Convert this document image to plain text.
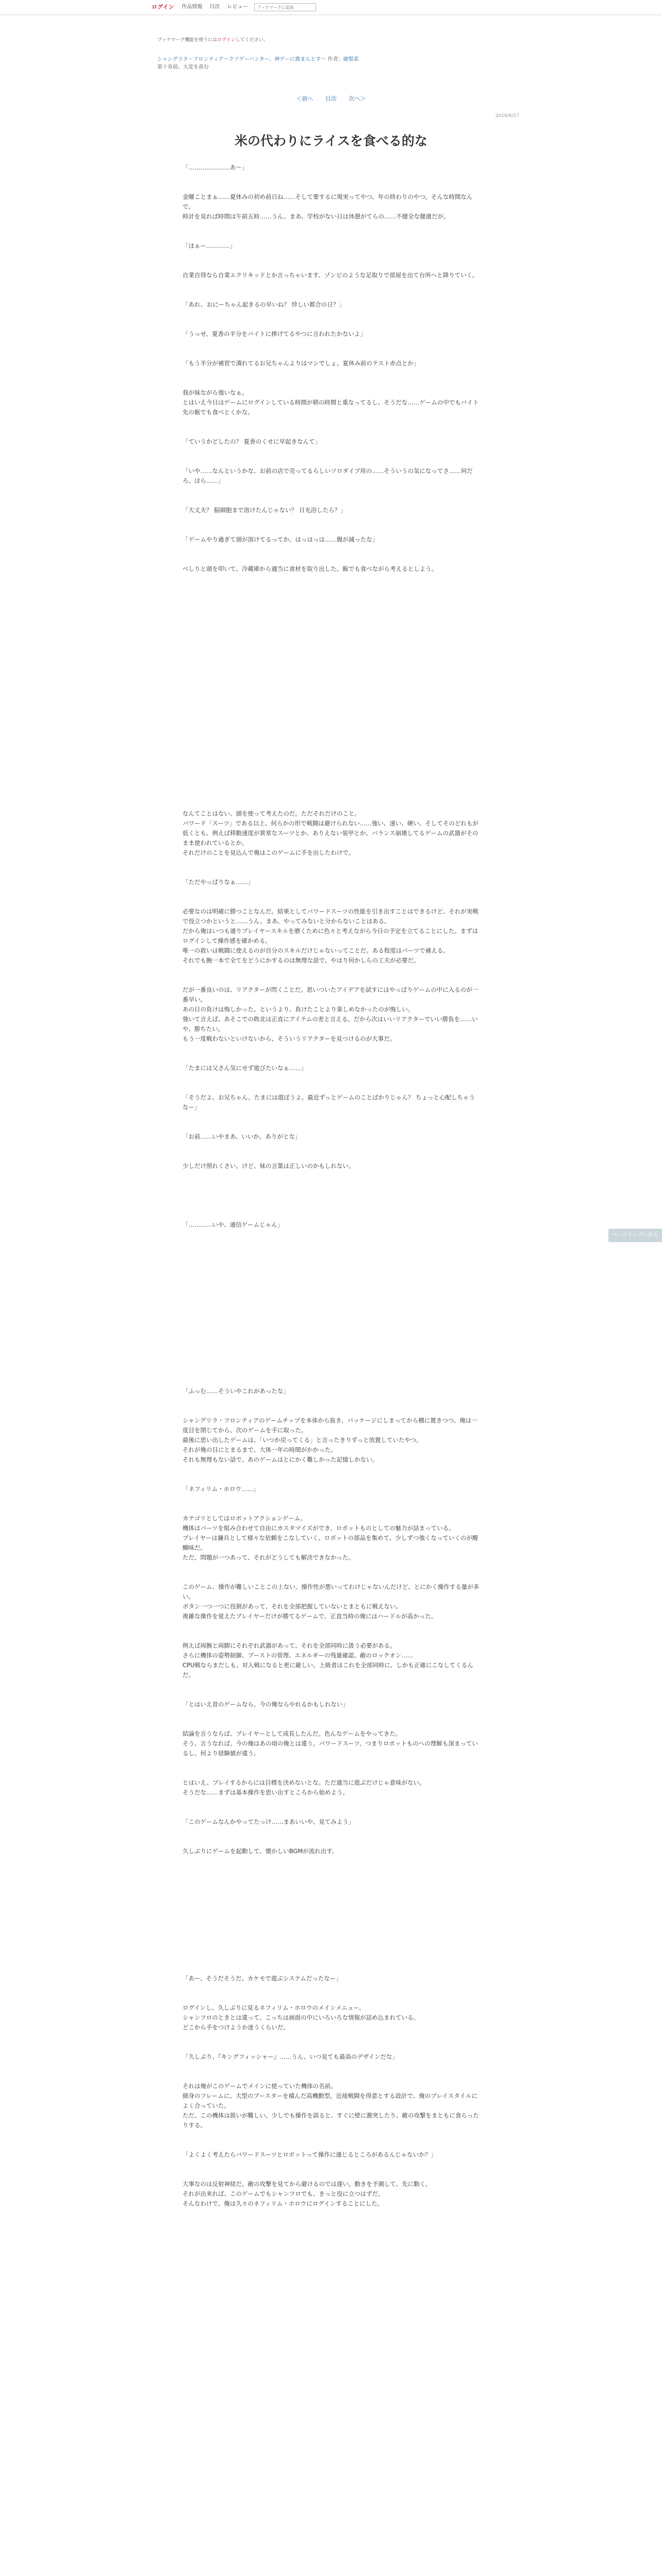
ログイン	作品情報	目次	レビュー
ブックマークに追加
ブックマーク機能を使うにはログインしてください。
シャングリラ・フロンティア〜クソゲーハンター、神ゲーに挑まんとす〜 作者：硬梨菜
第十章前、大変を羨む
＜前へ 目次 次へ＞
2018/6/27
米の代わりにライスを食べる的な

「…………………あ〜」

金曜ことまぁ……夏休みの初め前日ね……そして要するに現実ってやつ、年の終わりのやつ。そんな時間なんで。

時計を見れば時間は午前五時……うん、まあ、学校がない日は休憩がてらの……不健全な健康だが。

「ほぁー…………」

自業自得なら自業エクリキッドとか言っちゃいます、ゾンビのような足取りで部屋を出て台所へと降りていく。

「あれ、おにーちゃん起きるの早いね？ 珍しい都合の日？」

「うっせ、夏香の半分をバイトに捧げてるやつに言われたかないよ」

「もう半分が補習で潰れてるお兄ちゃんよりはマシでしょ。夏休み前のテスト赤点とか」

我が妹ながら強いなぁ。

とはいえ今日はゲームにログインしている時間が朝の時間と重なってるし、そうだな……ゲームの中でもバイト先の飯でも食べとくかな。

「ていうかどしたの？ 夏香のくせに早起きなんて」

「いや……なんというかな、お前の店で売ってるらしいソロダイブ用の……そういうの気になってさ……何だろ、ほら……」

「大丈夫？ 脳細胞まで溶けたんじゃない？ 日光浴したら？」

「ゲームやり過ぎて頭が溶けてるってか。はっはっは……腹が減ったな」

べしりと頭を叩いて、冷蔵庫から適当に食材を取り出した。飯でも食べながら考えるとしよう。

なんてことはない、頭を使って考えたのだ。ただそれだけのこと。

パワード「スーツ」である以上、何らかの形で戦闘は避けられない……強い、速い、硬い、そしてそのどれもが低くとも、例えば移動速度が異常なスーツとか、ありえない装甲とか、バランス崩壊してるゲームの武器がそのまま使われているとか。

それだけのことを見込んで俺はこのゲームに手を出したわけで。

「ただやっぱりなぁ……」

必要なのは明確に勝つことなんだ。結果としてパワードスーツの性能を引き出すことはできるけど、それが実戦で役立つかというと……うん、まあ、やってみないと分からないことはある。

だから俺はいつも通りプレイヤースキルを磨くために色々と考えながら今日の予定を立てることにした。まずはログインして操作感を確かめる。

唯一の救いは戦闘に使えるのが自分のスキルだけじゃないってことだ。ある程度はパーツで補える。

それでも腕一本で全てをどうにかするのは無理な話で、やはり何かしらの工夫が必要だ。

だが一番良いのは、リアクターが閃くことだ。思いついたアイデアを試すにはやっぱりゲームの中に入るのが一番早い。

あの日の負けは悔しかった。というより、負けたことより楽しめなかったのが悔しい。

強いて言えば、あそこでの敗北は正直にアイテムの差と言える。だから次はいいリアクターでいい勝負を……いや、勝ちたい。

もう一度戦わないといけないから、そういうリアクターを見つけるのが大事だ。

「たまには父さん気にせず遊びたいなぁ……」

「そうだよ、お兄ちゃん。たまには遊ぼうよ。最近ずっとゲームのことばかりじゃん？ ちょっと心配しちゃうなー」

「お前……いやまあ、いいか。ありがとな」

少しだけ照れくさい。けど、妹の言葉は正しいのかもしれない。

「…………いや、通信ゲームじゃん」

「ふっむ……そういやこれがあったな」

シャングリラ・フロンティアのゲームチップを本体から抜き、パッケージにしまってから棚に置きつつ、俺は一度目を閉じてから、次のゲームを手に取った。

最後に思い出したゲームは、「いつか戻ってくる」と言ったきりずっと放置していたやつ。

それが俺の目にとまるまで、大体一年の時間がかかった。

それも無理もない話で、あのゲームはとにかく難しかった記憶しかない。

「ネフィリム・ホロウ……」

カテゴリとしてはロボットアクションゲーム。

機体はパーツを組み合わせて自由にカスタマイズができ、ロボットものとしての魅力が詰まっている。

プレイヤーは傭兵として様々な依頼をこなしていく。ロボットの部品を集めて、少しずつ強くなっていくのが醍醐味だ。

ただ、問題が一つあって、それがどうしても解決できなかった。

このゲーム、操作が難しいことこの上ない。操作性が悪いってわけじゃないんだけど、とにかく操作する量が多い。

ボタン一つ一つに役割があって、それを全部把握していないとまともに戦えない。

複雑な操作を覚えたプレイヤーだけが勝てるゲームで、正直当時の俺にはハードルが高かった。

例えば両腕と両脚にそれぞれ武器があって、それを全部同時に扱う必要がある。

さらに機体の姿勢制御、ブーストの管理、エネルギーの残量確認、敵のロックオン……

CPU戦ならまだしも、対人戦になると更に厳しい。上級者はこれを全部同時に、しかも正確にこなしてくるんだ。

「とはいえ昔のゲームなら、今の俺ならやれるかもしれない」

結論を言うならば、プレイヤーとして成長したんだ。色んなゲームをやってきた。

そう、言うなれば、今の俺はあの頃の俺とは違う。パワードスーツ、つまりロボットものへの理解も深まっているし、何より経験値が違う。

とはいえ、プレイするからには目標を決めないとな。ただ適当に遊ぶだけじゃ意味がない。

そうだな……まずは基本操作を思い出すところから始めよう。

「このゲームなんかやってたっけ……まあいいや、見てみよう」

久しぶりにゲームを起動して、懐かしいBGMが流れ出す。

「あー、そうだそうだ、カケモで遊ぶシステムだったなー」

ログインし、久しぶりに見るネフィリム・ホロウのメインメニュー。

シャンフロのときとは違って、こっちは画面の中にいろいろな情報が詰め込まれている。

どこから手をつけようか迷うくらいだ。

「久しぶり、『キングフィッシャー』……うん、いつ見ても最高のデザインだな」

それは俺がこのゲームでメインに使っていた機体の名前。

細身のフレームに、大型のブースターを積んだ高機動型。近接戦闘を得意とする設計で、俺のプレイスタイルによく合っていた。

ただ、この機体は扱いが難しい。少しでも操作を誤ると、すぐに壁に激突したり、敵の攻撃をまともに食らったりする。

「よくよく考えたらパワードスーツとロボットって操作に通じるところがあるんじゃないか？」

大事なのは反射神経だ。敵の攻撃を見てから避けるのでは遅い。動きを予測して、先に動く。

それが出来れば、このゲームでもシャンフロでも、きっと役に立つはずだ。

そんなわけで、俺は久々のネフィリム・ホロウにログインすることにした。

ページトップへ戻る
